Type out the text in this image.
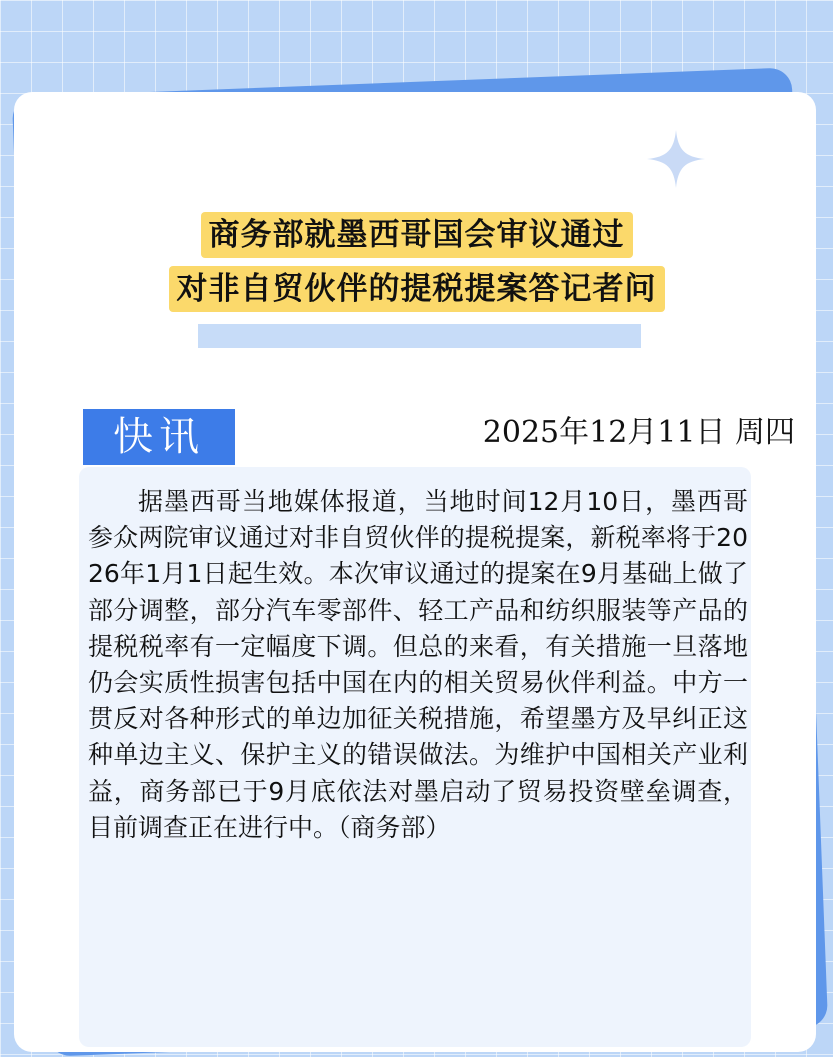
商务部就墨西哥国会审议通过
对非自贸伙伴的提税提案答记者问
快讯	2025年12月11日 周四

据墨西哥当地媒体报道，当地时间12月10日，墨西哥参众两院审议通过对非自贸伙伴的提税提案，新税率将于2026年1月1日起生效。本次审议通过的提案在9月基础上做了部分调整，部分汽车零部件、轻工产品和纺织服装等产品的提税税率有一定幅度下调。但总的来看，有关措施一旦落地仍会实质性损害包括中国在内的相关贸易伙伴利益。中方一贯反对各种形式的单边加征关税措施，希望墨方及早纠正这种单边主义、保护主义的错误做法。为维护中国相关产业利益，商务部已于9月底依法对墨启动了贸易投资壁垒调查，目前调查正在进行中。（商务部）
